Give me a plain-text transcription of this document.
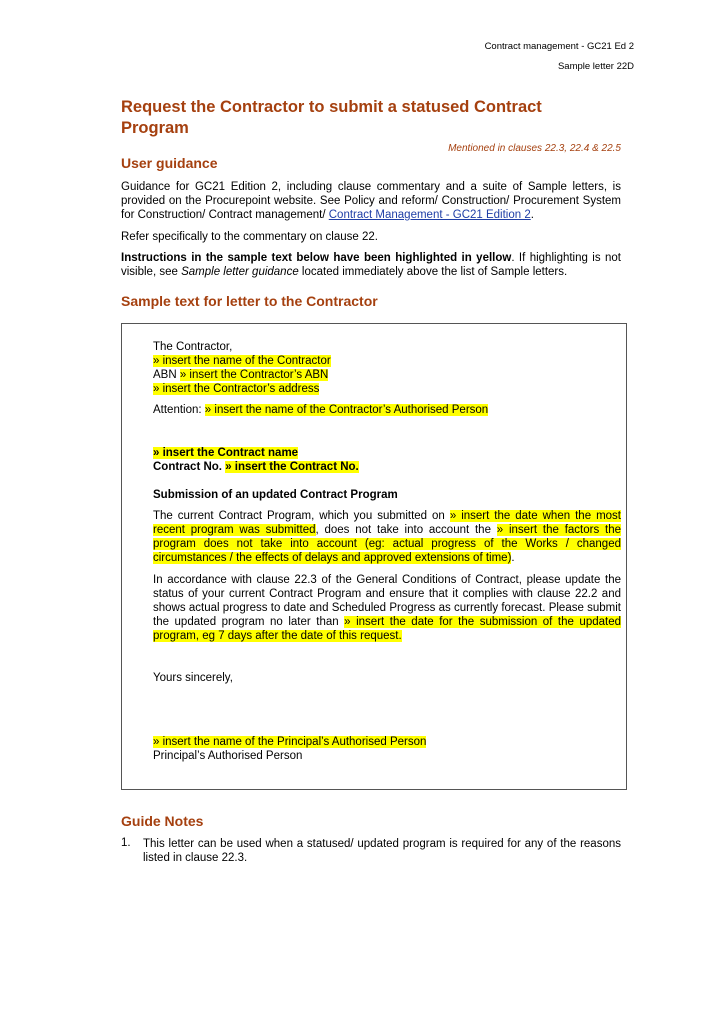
Contract management - GC21 Ed 2
Sample letter 22D
Request the Contractor to submit a statused Contract Program
Mentioned in clauses 22.3, 22.4 & 22.5
User guidance

Guidance for GC21 Edition 2, including clause commentary and a suite of Sample letters, is provided on the Procurepoint website. See Policy and reform/ Construction/ Procurement System for Construction/ Contract management/ Contract Management - GC21 Edition 2.

Refer specifically to the commentary on clause 22.

Instructions in the sample text below have been highlighted in yellow. If highlighting is not visible, see Sample letter guidance located immediately above the list of Sample letters.

Sample text for letter to the Contractor
The Contractor,
» insert the name of the Contractor
ABN » insert the Contractor’s ABN
» insert the Contractor’s address
Attention: » insert the name of the Contractor’s Authorised Person
» insert the Contract name
Contract No. » insert the Contract No.
Submission of an updated Contract Program

The current Contract Program, which you submitted on » insert the date when the most recent program was submitted, does not take into account the » insert the factors the program does not take into account (eg: actual progress of the Works / changed circumstances / the effects of delays and approved extensions of time).

In accordance with clause 22.3 of the General Conditions of Contract, please update the status of your current Contract Program and ensure that it complies with clause 22.2 and shows actual progress to date and Scheduled Progress as currently forecast. Please submit the updated program no later than » insert the date for the submission of the updated program, eg 7 days after the date of this request.

Yours sincerely,
» insert the name of the Principal’s Authorised Person
Principal’s Authorised Person
Guide Notes
1. This letter can be used when a statused/ updated program is required for any of the reasons listed in clause 22.3.
